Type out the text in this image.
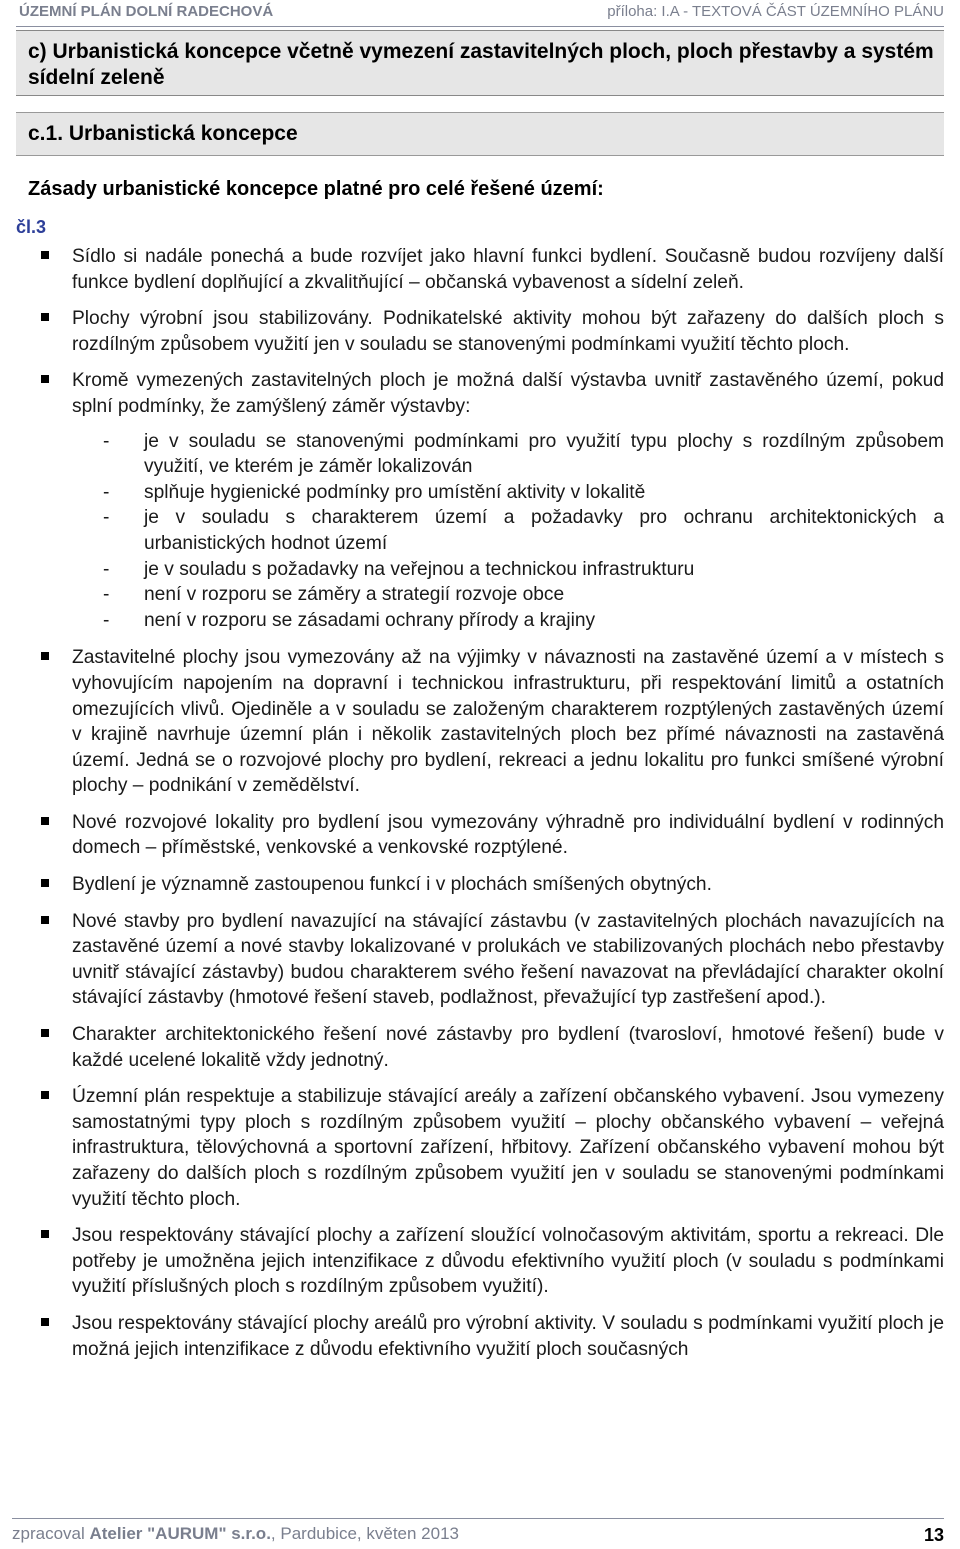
ÚZEMNÍ PLÁN DOLNÍ RADECHOVÁ	příloha: I.A - TEXTOVÁ ČÁST ÚZEMNÍHO PLÁNU
c) Urbanistická koncepce včetně vymezení zastavitelných ploch, ploch přestavby a systém sídelní zeleně
c.1. Urbanistická koncepce
Zásady urbanistické koncepce platné pro celé řešené území:
čl.3
Sídlo si nadále ponechá a bude rozvíjet jako hlavní funkci bydlení. Současně budou rozvíjeny další funkce bydlení doplňující a zkvalitňující – občanská vybavenost a sídelní zeleň.
Plochy výrobní jsou stabilizovány. Podnikatelské aktivity mohou být zařazeny do dalších ploch s rozdílným způsobem využití jen v souladu se stanovenými podmínkami využití těchto ploch.
Kromě vymezených zastavitelných ploch je možná další výstavba uvnitř zastavěného území, pokud splní podmínky, že zamýšlený záměr výstavby:
- je v souladu se stanovenými podmínkami pro využití typu plochy s rozdílným způsobem využití, ve kterém je záměr lokalizován
- splňuje hygienické podmínky pro umístění aktivity v lokalitě
- je v souladu s charakterem území a požadavky pro ochranu architektonických a urbanistických hodnot území
- je v souladu s požadavky na veřejnou a technickou infrastrukturu
- není v rozporu se záměry a strategií rozvoje obce
- není v rozporu se zásadami ochrany přírody a krajiny
Zastavitelné plochy jsou vymezovány až na výjimky v návaznosti na zastavěné území a v místech s vyhovujícím napojením na dopravní i technickou infrastrukturu, při respektování limitů a ostatních omezujících vlivů. Ojediněle a v souladu se založeným charakterem rozptýlených zastavěných území v krajině navrhuje územní plán i několik zastavitelných ploch bez přímé návaznosti na zastavěná území. Jedná se o rozvojové plochy pro bydlení, rekreaci a jednu lokalitu pro funkci smíšené výrobní plochy – podnikání v zemědělství.
Nové rozvojové lokality pro bydlení jsou vymezovány výhradně pro individuální bydlení v rodinných domech – příměstské, venkovské a venkovské rozptýlené.
Bydlení je významně zastoupenou funkcí i v plochách smíšených obytných.
Nové stavby pro bydlení navazující na stávající zástavbu (v zastavitelných plochách navazujících na zastavěné území a nové stavby lokalizované v prolukách ve stabilizovaných plochách nebo přestavby uvnitř stávající zástavby) budou charakterem svého řešení navazovat na převládající charakter okolní stávající zástavby (hmotové řešení staveb, podlažnost, převažující typ zastřešení apod.).
Charakter architektonického řešení nové zástavby pro bydlení (tvarosloví, hmotové řešení) bude v každé ucelené lokalitě vždy jednotný.
Územní plán respektuje a stabilizuje stávající areály a zařízení občanského vybavení. Jsou vymezeny samostatnými typy ploch s rozdílným způsobem využití – plochy občanského vybavení – veřejná infrastruktura, tělovýchovná a sportovní zařízení, hřbitovy. Zařízení občanského vybavení mohou být zařazeny do dalších ploch s rozdílným způsobem využití jen v souladu se stanovenými podmínkami využití těchto ploch.
Jsou respektovány stávající plochy a zařízení sloužící volnočasovým aktivitám, sportu a rekreaci. Dle potřeby je umožněna jejich intenzifikace z důvodu efektivního využití ploch (v souladu s podmínkami využití příslušných ploch s rozdílným způsobem využití).
Jsou respektovány stávající plochy areálů pro výrobní aktivity. V souladu s podmínkami využití ploch je možná jejich intenzifikace z důvodu efektivního využití ploch současných
zpracoval Atelier "AURUM" s.r.o., Pardubice, květen 2013	13
